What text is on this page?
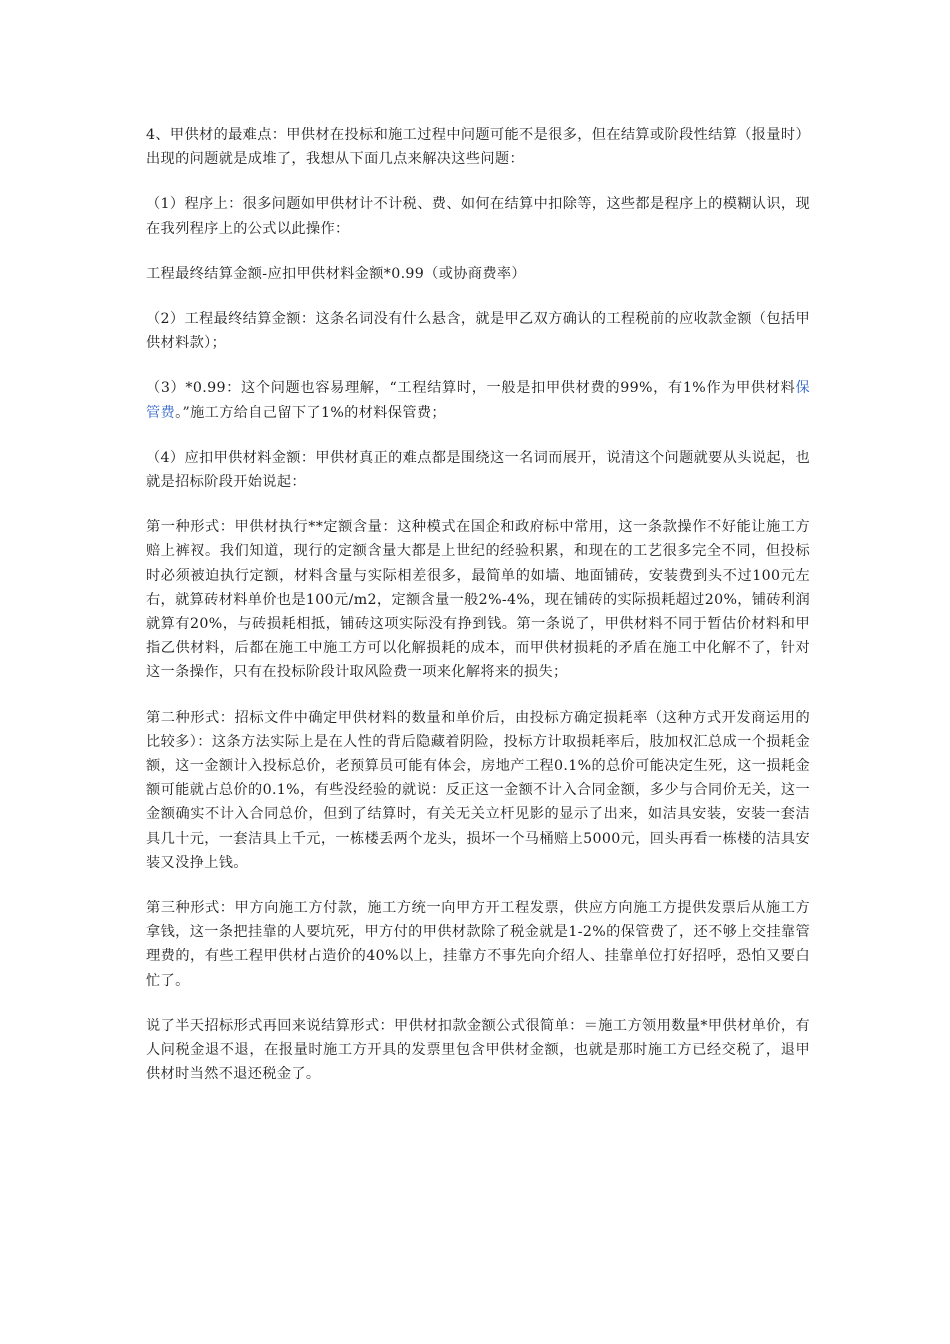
4、甲供材的最难点：甲供材在投标和施工过程中问题可能不是很多，但在结算或阶段性结算（报量时）出现的问题就是成堆了，我想从下面几点来解决这些问题：

（1）程序上：很多问题如甲供材计不计税、费、如何在结算中扣除等，这些都是程序上的模糊认识，现在我列程序上的公式以此操作：

工程最终结算金额-应扣甲供材料金额*0.99（或协商费率）

（2）工程最终结算金额：这条名词没有什么悬含，就是甲乙双方确认的工程税前的应收款金额（包括甲供材料款）；

（3）*0.99：这个问题也容易理解，“工程结算时，一般是扣甲供材费的99%，有1%作为甲供材料保管费。”施工方给自己留下了1%的材料保管费；

（4）应扣甲供材料金额：甲供材真正的难点都是围绕这一名词而展开，说清这个问题就要从头说起，也就是招标阶段开始说起：

第一种形式：甲供材执行**定额含量：这种模式在国企和政府标中常用，这一条款操作不好能让施工方赔上裤衩。我们知道，现行的定额含量大都是上世纪的经验积累，和现在的工艺很多完全不同，但投标时必须被迫执行定额，材料含量与实际相差很多，最简单的如墙、地面铺砖，安装费到头不过100元左右，就算砖材料单价也是100元/m2，定额含量一般2%-4%，现在铺砖的实际损耗超过20%，铺砖利润就算有20%，与砖损耗相抵，铺砖这项实际没有挣到钱。第一条说了，甲供材料不同于暂估价材料和甲指乙供材料，后都在施工中施工方可以化解损耗的成本，而甲供材损耗的矛盾在施工中化解不了，针对这一条操作，只有在投标阶段计取风险费一项来化解将来的损失；

第二种形式：招标文件中确定甲供材料的数量和单价后，由投标方确定损耗率（这种方式开发商运用的比较多）：这条方法实际上是在人性的背后隐藏着阴险，投标方计取损耗率后，肢加权汇总成一个损耗金额，这一金额计入投标总价，老预算员可能有体会，房地产工程0.1%的总价可能决定生死，这一损耗金额可能就占总价的0.1%，有些没经验的就说：反正这一金额不计入合同金额，多少与合同价无关，这一金额确实不计入合同总价，但到了结算时，有关无关立杆见影的显示了出来，如洁具安装，安装一套洁具几十元，一套洁具上千元，一栋楼丢两个龙头，损坏一个马桶赔上5000元，回头再看一栋楼的洁具安装又没挣上钱。

第三种形式：甲方向施工方付款，施工方统一向甲方开工程发票，供应方向施工方提供发票后从施工方拿钱，这一条把挂靠的人要坑死，甲方付的甲供材款除了税金就是1-2%的保管费了，还不够上交挂靠管理费的，有些工程甲供材占造价的40%以上，挂靠方不事先向介绍人、挂靠单位打好招呼，恐怕又要白忙了。

说了半天招标形式再回来说结算形式：甲供材扣款金额公式很简单：＝施工方领用数量*甲供材单价，有人问税金退不退，在报量时施工方开具的发票里包含甲供材金额，也就是那时施工方已经交税了，退甲供材时当然不退还税金了。
